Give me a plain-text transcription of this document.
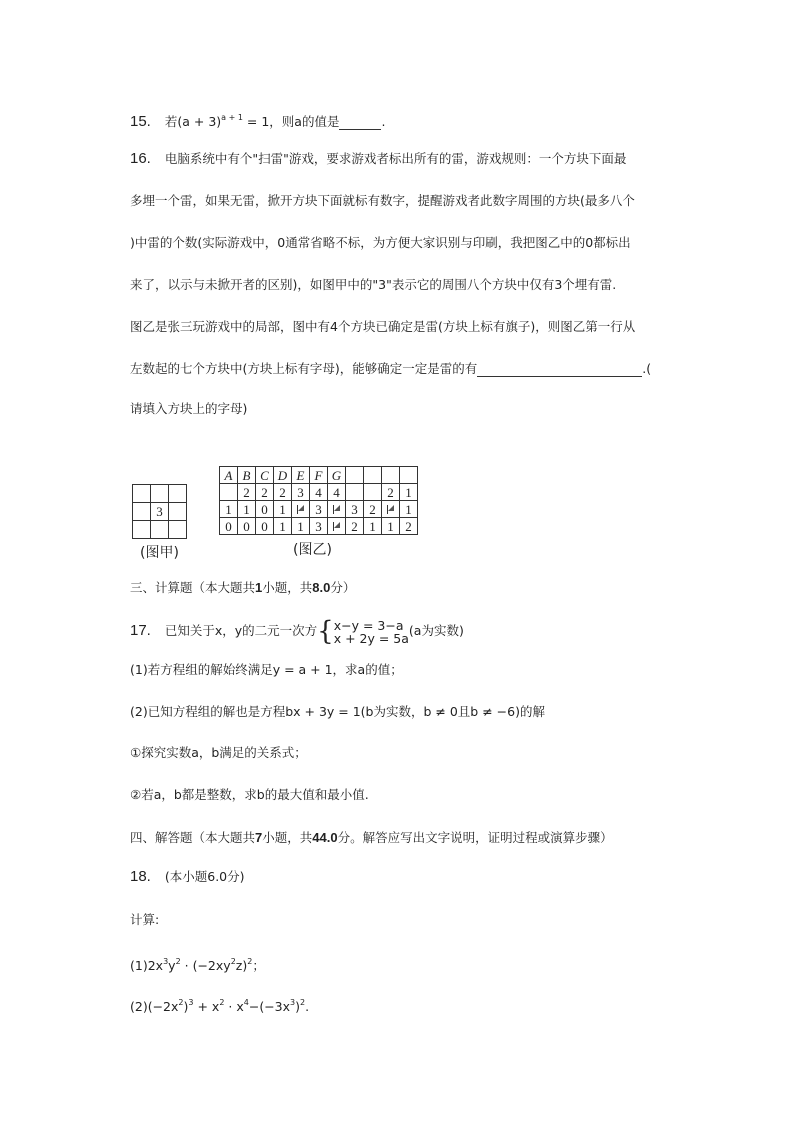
15. 若$(a + 3)^{a + 1} = 1$，则a的值是	.
16. 电脑系统中有个"扫雷"游戏，要求游戏者标出所有的雷，游戏规则：一个方块下面最
多埋一个雷，如果无雷，掀开方块下面就标有数字，提醒游戏者此数字周围的方块(最多八个
)中雷的个数(实际游戏中，0通常省略不标，为方便大家识别与印刷，我把图乙中的0都标出
来了，以示与未掀开者的区别)，如图甲中的"3"表示它的周围八个方块中仅有3个埋有雷.
图乙是张三玩游戏中的局部，图中有4个方块已确定是雷(方块上标有旗子)，则图乙第一行从
左数起的七个方块中(方块上标有字母)，能够确定一定是雷的有	.(
请填入方块上的字母)

	3	

(图甲)
A	B	C	D	E	F	G				
	2	2	2	3	4	4			2	1
1	1	0	1		3		3	2		1
0	0	0	1	1	3		2	1	1	2
(图乙)
三、计算题（本大题共1小题，共8.0分）
17. 已知关于x，y的二元一次方{ x−y = 3−a
x + 2y = 5a (a为实数)
(1)若方程组的解始终满足y = a + 1，求a的值；
(2)已知方程组的解也是方程bx + 3y = 1(b为实数，b ≠ 0且b ≠ −6)的解
①探究实数a，b满足的关系式；
②若a，b都是整数，求b的最大值和最小值.
四、解答题（本大题共7小题，共44.0分。解答应写出文字说明，证明过程或演算步骤）
18. (本小题6.0分)
计算:
$(1)2x^3y^2 \cdot (-2xy^2z)^2$；
$(2)(-2x^2)^3 + x^2 \cdot x^4-(-3x^3)^2$.
